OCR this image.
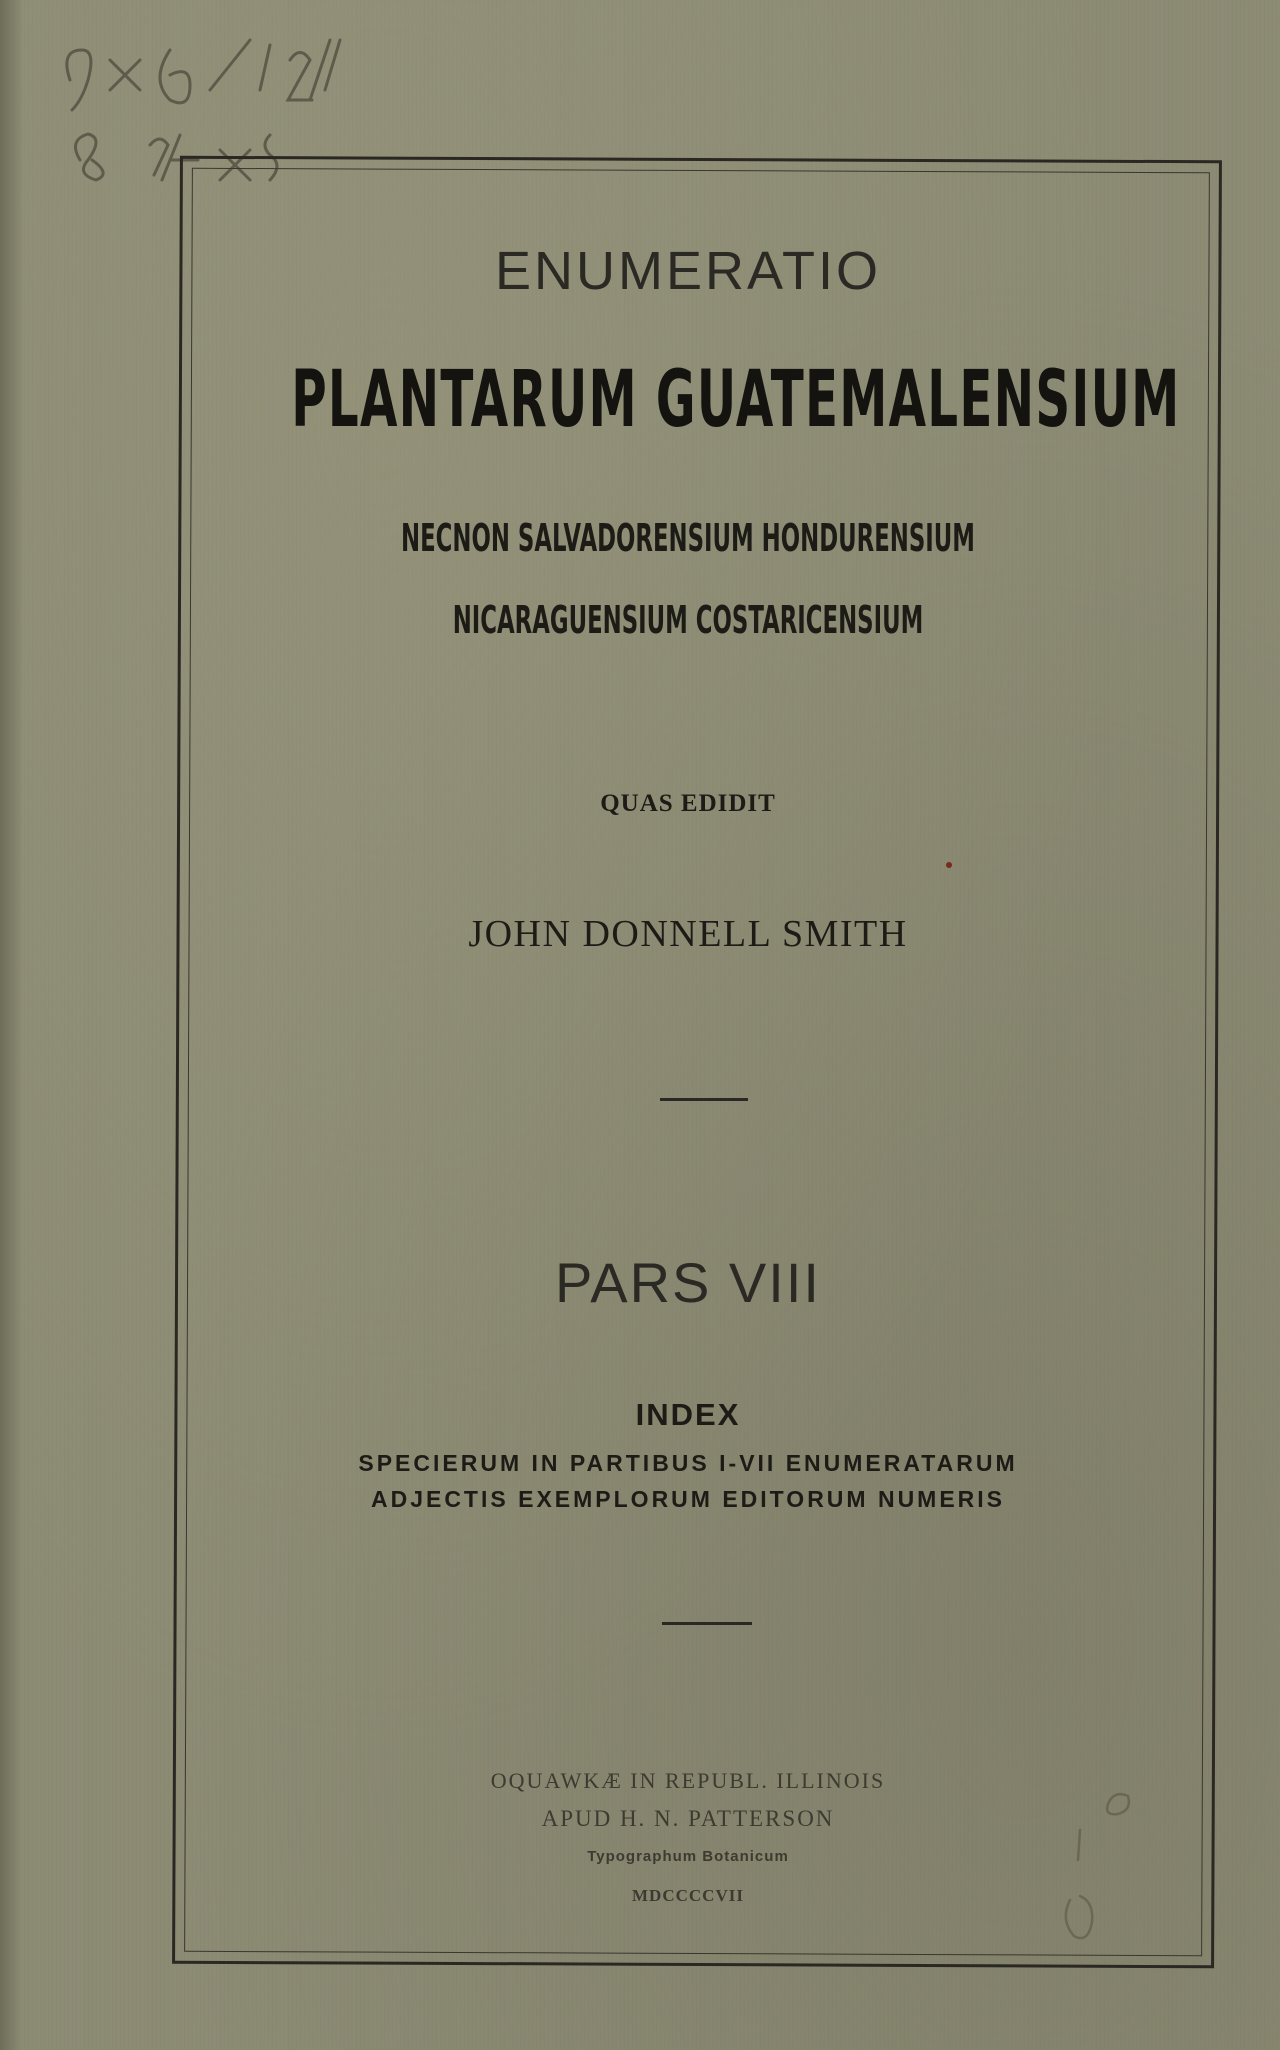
ENUMERATIO

PLANTARUM GUATEMALENSIUM

NECNON SALVADORENSIUM HONDURENSIUM

NICARAGUENSIUM COSTARICENSIUM

QUAS EDIDIT

JOHN DONNELL SMITH

PARS VIII

INDEX

SPECIERUM IN PARTIBUS I-VII ENUMERATARUM

ADJECTIS EXEMPLORUM EDITORUM NUMERIS

OQUAWKÆ IN REPUBL. ILLINOIS

APUD H. N. PATTERSON

Typographum Botanicum

MDCCCCVII
